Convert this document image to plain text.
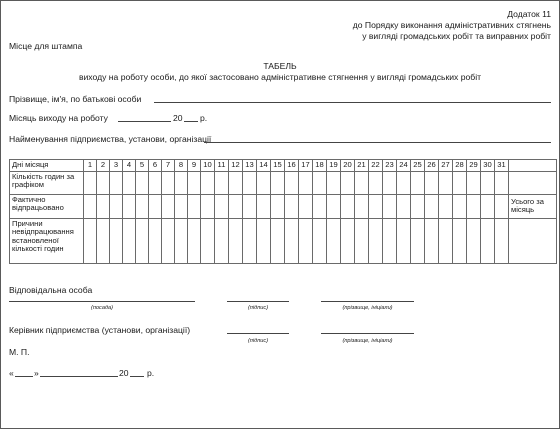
Додаток 11
до Порядку виконання адміністративних стягнень
у вигляді громадських робіт та виправних робіт
Місце для штампа
ТАБЕЛЬ
виходу на роботу особи, до якої застосовано адміністративне стягнення у вигляді громадських робіт
Прізвище, ім'я, по батькові особи
Місяць виходу на роботу	20 р.
Найменування підприємства, установи, організації
Дні місяця	1	2	3	4	5	6	7	8	9	10	11	12	13	14	15	16	17	18	19	20	21	22	23	24	25	26	27	28	29	30	31	
Кількість годин за графіком																																
Фактично відпрацьовано																																Усього за місяць
Причини невідпрацювання встановленої кількості годин																																
Відповідальна особа
(посада)	(підпис)	(прізвище, ініціали)
Керівник підприємства (установи, організації)
(підпис)	(прізвище, ініціали)
М. П.
« »	20 р.
